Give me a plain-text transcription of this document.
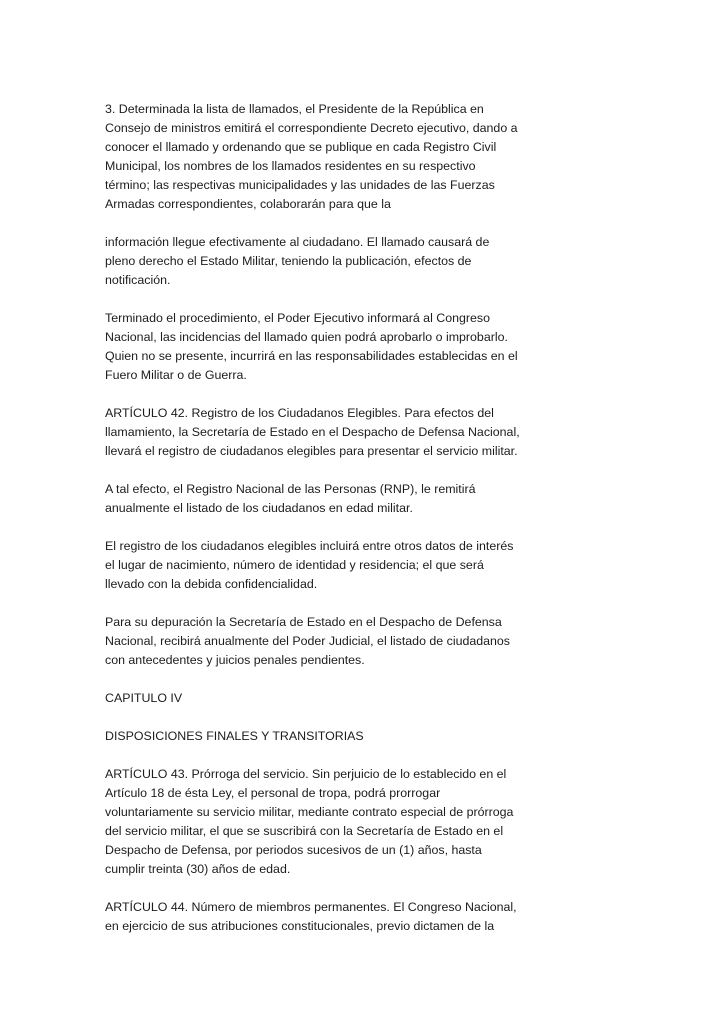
3. Determinada la lista de llamados, el Presidente de la República en
Consejo de ministros emitirá el correspondiente Decreto ejecutivo, dando a
conocer el llamado y ordenando que se publique en cada Registro Civil
Municipal, los nombres de los llamados residentes en su respectivo
término; las respectivas municipalidades y las unidades de las Fuerzas
Armadas correspondientes, colaborarán para que la

información llegue efectivamente al ciudadano. El llamado causará de
pleno derecho el Estado Militar, teniendo la publicación, efectos de
notificación.

Terminado el procedimiento, el Poder Ejecutivo informará al Congreso
Nacional, las incidencias del llamado quien podrá aprobarlo o improbarlo.
Quien no se presente, incurrirá en las responsabilidades establecidas en el
Fuero Militar o de Guerra.

ARTÍCULO 42. Registro de los Ciudadanos Elegibles. Para efectos del
llamamiento, la Secretaría de Estado en el Despacho de Defensa Nacional,
llevará el registro de ciudadanos elegibles para presentar el servicio militar.

A tal efecto, el Registro Nacional de las Personas (RNP), le remitirá
anualmente el listado de los ciudadanos en edad militar.

El registro de los ciudadanos elegibles incluirá entre otros datos de interés
el lugar de nacimiento, número de identidad y residencia; el que será
llevado con la debida confidencialidad.

Para su depuración la Secretaría de Estado en el Despacho de Defensa
Nacional, recibirá anualmente del Poder Judicial, el listado de ciudadanos
con antecedentes y juicios penales pendientes.

CAPITULO IV

DISPOSICIONES FINALES Y TRANSITORIAS

ARTÍCULO 43. Prórroga del servicio. Sin perjuicio de lo establecido en el
Artículo 18 de ésta Ley, el personal de tropa, podrá prorrogar
voluntariamente su servicio militar, mediante contrato especial de prórroga
del servicio militar, el que se suscribirá con la Secretaría de Estado en el
Despacho de Defensa, por periodos sucesivos de un (1) años, hasta
cumplir treinta (30) años de edad.

ARTÍCULO 44. Número de miembros permanentes. El Congreso Nacional,
en ejercicio de sus atribuciones constitucionales, previo dictamen de la
